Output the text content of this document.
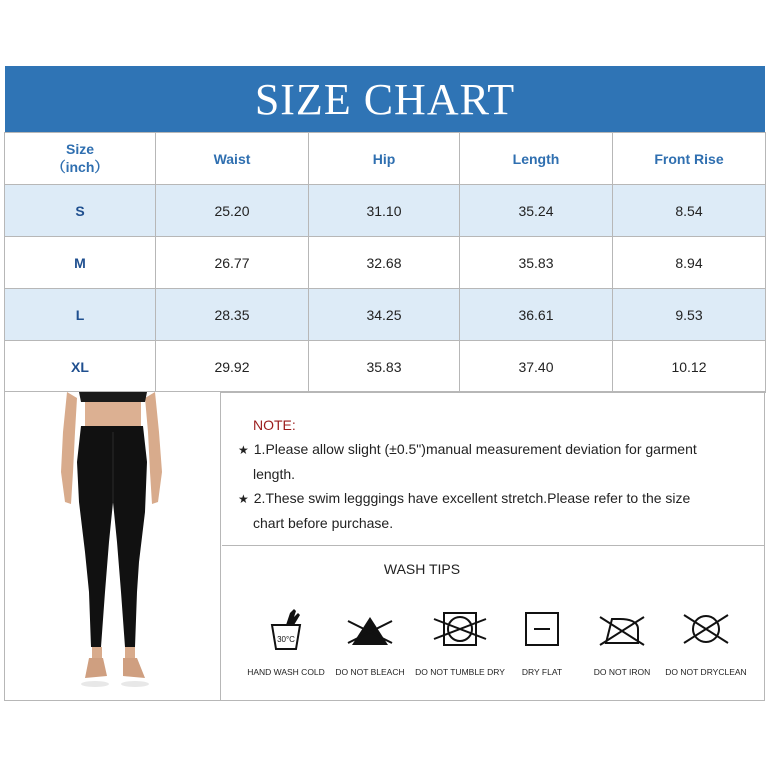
SIZE CHART
Size
（inch）	Waist	Hip	Length	Front Rise
S	25.20	31.10	35.24	8.54
M	26.77	32.68	35.83	8.94
L	28.35	34.25	36.61	9.53
XL	29.92	35.83	37.40	10.12
NOTE:
★ 1.Please allow slight (±0.5")manual measurement deviation for garment
length.
★ 2.These swim legggings have excellent stretch.Please refer to the size
chart before purchase.
WASH TIPS
30°C
HAND WASH COLD	DO NOT BLEACH	DO NOT TUMBLE DRY	DRY FLAT	DO NOT IRON	DO NOT DRYCLEAN
